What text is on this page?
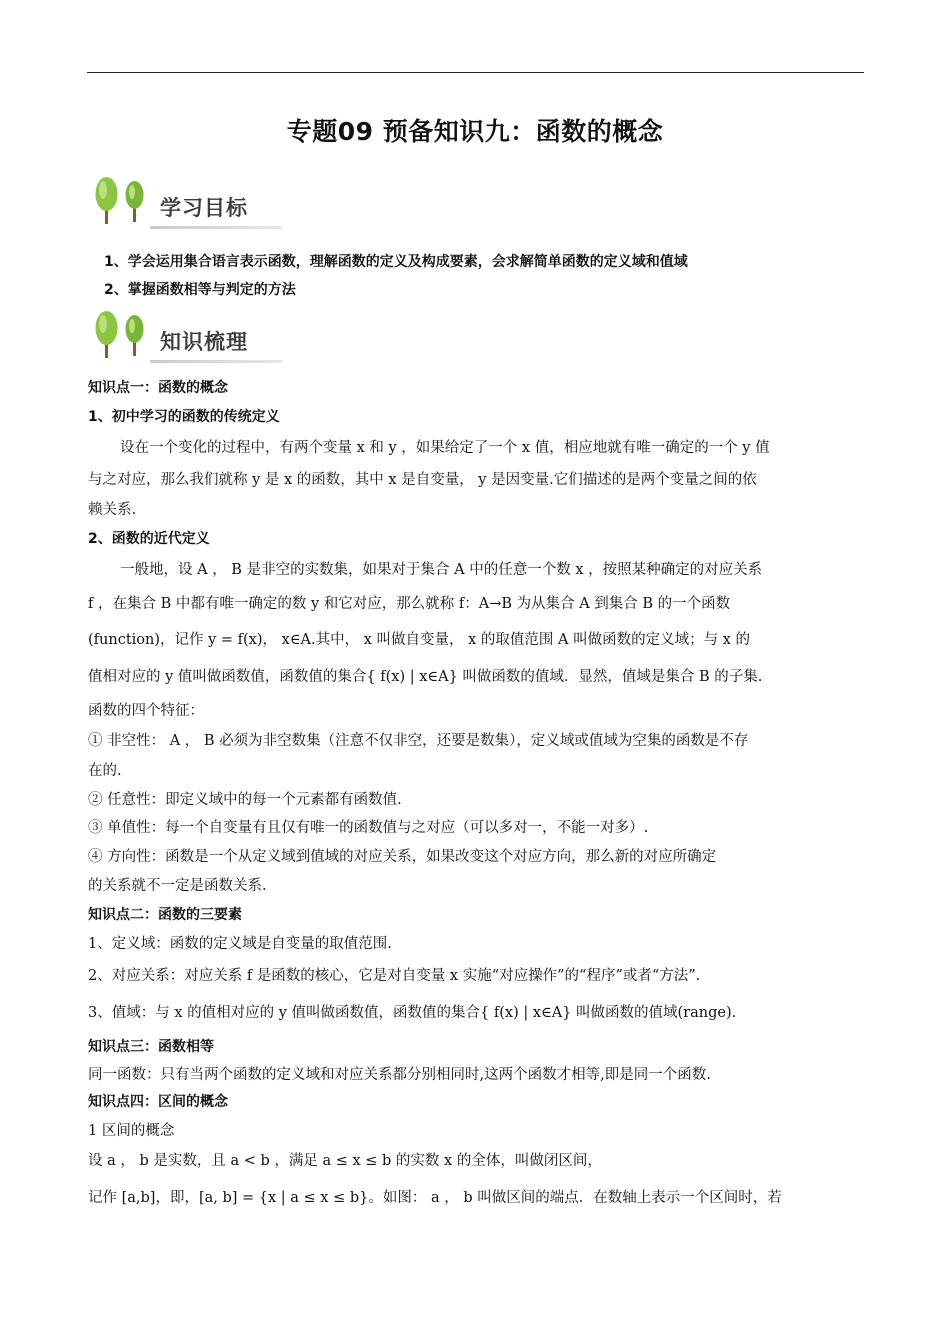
专题09 预备知识九：函数的概念
学习目标
1、学会运用集合语言表示函数，理解函数的定义及构成要素，会求解简单函数的定义域和值域
2、掌握函数相等与判定的方法
知识梳理
知识点一：函数的概念
1、初中学习的函数的传统定义
设在一个变化的过程中，有两个变量 x 和 y ，如果给定了一个 x 值，相应地就有唯一确定的一个 y 值
与之对应，那么我们就称 y 是 x 的函数，其中 x 是自变量， y 是因变量.它们描述的是两个变量之间的依
赖关系.
2、函数的近代定义
一般地，设 A ， B 是非空的实数集，如果对于集合 A 中的任意一个数 x ，按照某种确定的对应关系
f ，在集合 B 中都有唯一确定的数 y 和它对应，那么就称 f：A→B 为从集合 A 到集合 B 的一个函数
(function)，记作 y = f(x)， x∈A.其中， x 叫做自变量， x 的取值范围 A 叫做函数的定义域；与 x 的
值相对应的 y 值叫做函数值，函数值的集合{ f(x) | x∈A} 叫做函数的值域．显然，值域是集合 B 的子集.
函数的四个特征：
① 非空性： A ， B 必须为非空数集（注意不仅非空，还要是数集），定义域或值域为空集的函数是不存
在的.
② 任意性：即定义域中的每一个元素都有函数值.
③ 单值性：每一个自变量有且仅有唯一的函数值与之对应（可以多对一，不能一对多）.
④ 方向性：函数是一个从定义域到值域的对应关系，如果改变这个对应方向，那么新的对应所确定
的关系就不一定是函数关系.
知识点二：函数的三要素
1、定义域：函数的定义域是自变量的取值范围.
2、对应关系：对应关系 f 是函数的核心，它是对自变量 x 实施“对应操作”的“程序”或者“方法”.
3、值域：与 x 的值相对应的 y 值叫做函数值，函数值的集合{ f(x) | x∈A} 叫做函数的值域(range).
知识点三：函数相等
同一函数：只有当两个函数的定义域和对应关系都分别相同时,这两个函数才相等,即是同一个函数.
知识点四：区间的概念
1 区间的概念
设 a ， b 是实数，且 a < b ，满足 a ≤ x ≤ b 的实数 x 的全体，叫做闭区间，
记作 [a,b]，即，[a, b] = {x | a ≤ x ≤ b}。如图： a ， b 叫做区间的端点．在数轴上表示一个区间时，若
